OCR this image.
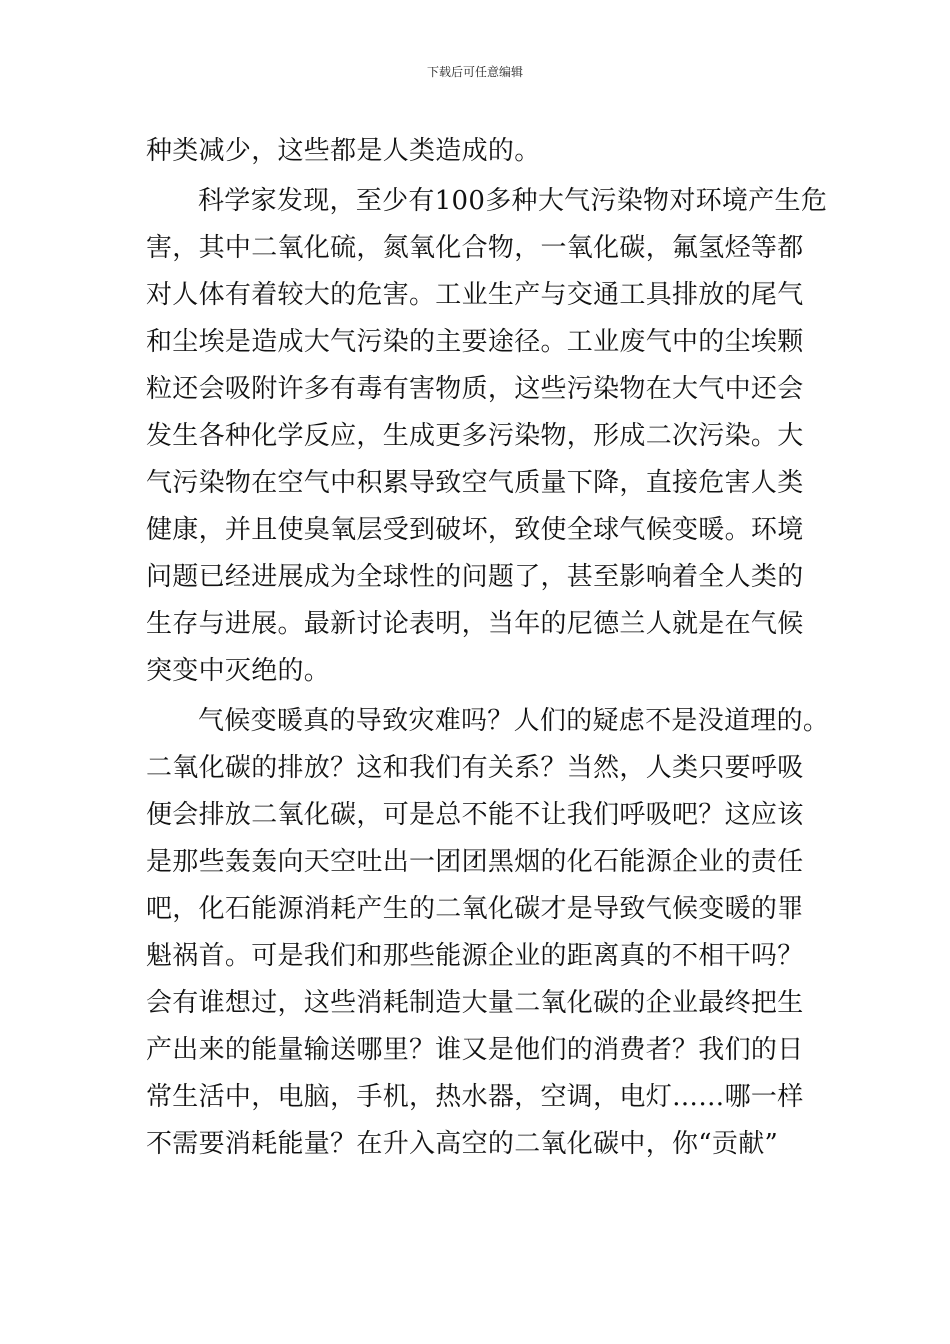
下载后可任意编辑
种类减少，这些都是人类造成的。
科学家发现，至少有100多种大气污染物对环境产生危
害，其中二氧化硫，氮氧化合物，一氧化碳，氟氢烃等都
对人体有着较大的危害。工业生产与交通工具排放的尾气
和尘埃是造成大气污染的主要途径。工业废气中的尘埃颗
粒还会吸附许多有毒有害物质，这些污染物在大气中还会
发生各种化学反应，生成更多污染物，形成二次污染。大
气污染物在空气中积累导致空气质量下降，直接危害人类
健康，并且使臭氧层受到破坏，致使全球气候变暖。环境
问题已经进展成为全球性的问题了，甚至影响着全人类的
生存与进展。最新讨论表明，当年的尼德兰人就是在气候
突变中灭绝的。
气候变暖真的导致灾难吗？人们的疑虑不是没道理的。
二氧化碳的排放？这和我们有关系？当然，人类只要呼吸
便会排放二氧化碳，可是总不能不让我们呼吸吧？这应该
是那些轰轰向天空吐出一团团黑烟的化石能源企业的责任
吧，化石能源消耗产生的二氧化碳才是导致气候变暖的罪
魁祸首。可是我们和那些能源企业的距离真的不相干吗？
会有谁想过，这些消耗制造大量二氧化碳的企业最终把生
产出来的能量输送哪里？谁又是他们的消费者？我们的日
常生活中，电脑，手机，热水器，空调，电灯……哪一样
不需要消耗能量？在升入高空的二氧化碳中，你“贡献”
